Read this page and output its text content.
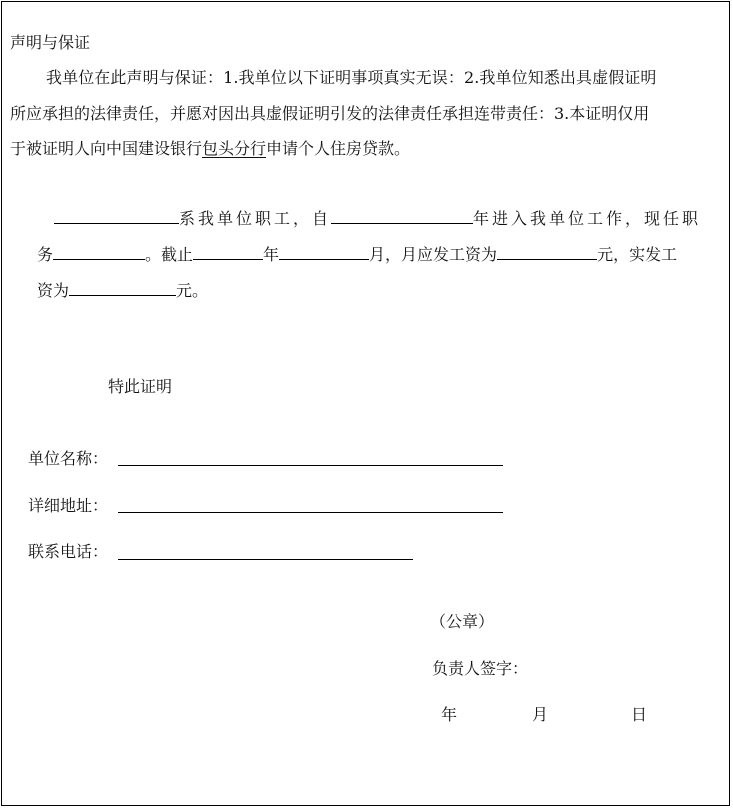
声明与保证
我单位在此声明与保证：1.我单位以下证明事项真实无误：2.我单位知悉出具虚假证明
所应承担的法律责任，并愿对因出具虚假证明引发的法律责任承担连带责任：3.本证明仅用
于被证明人向中国建设银行包头分行申请个人住房贷款。
系我单位职工，自	年进入我单位工作，现任职
务	。截止	年	月，月应发工资为	元，实发工
资为	元。
特此证明
单位名称：
详细地址：
联系电话：
（公章）
负责人签字：
年	月	日
